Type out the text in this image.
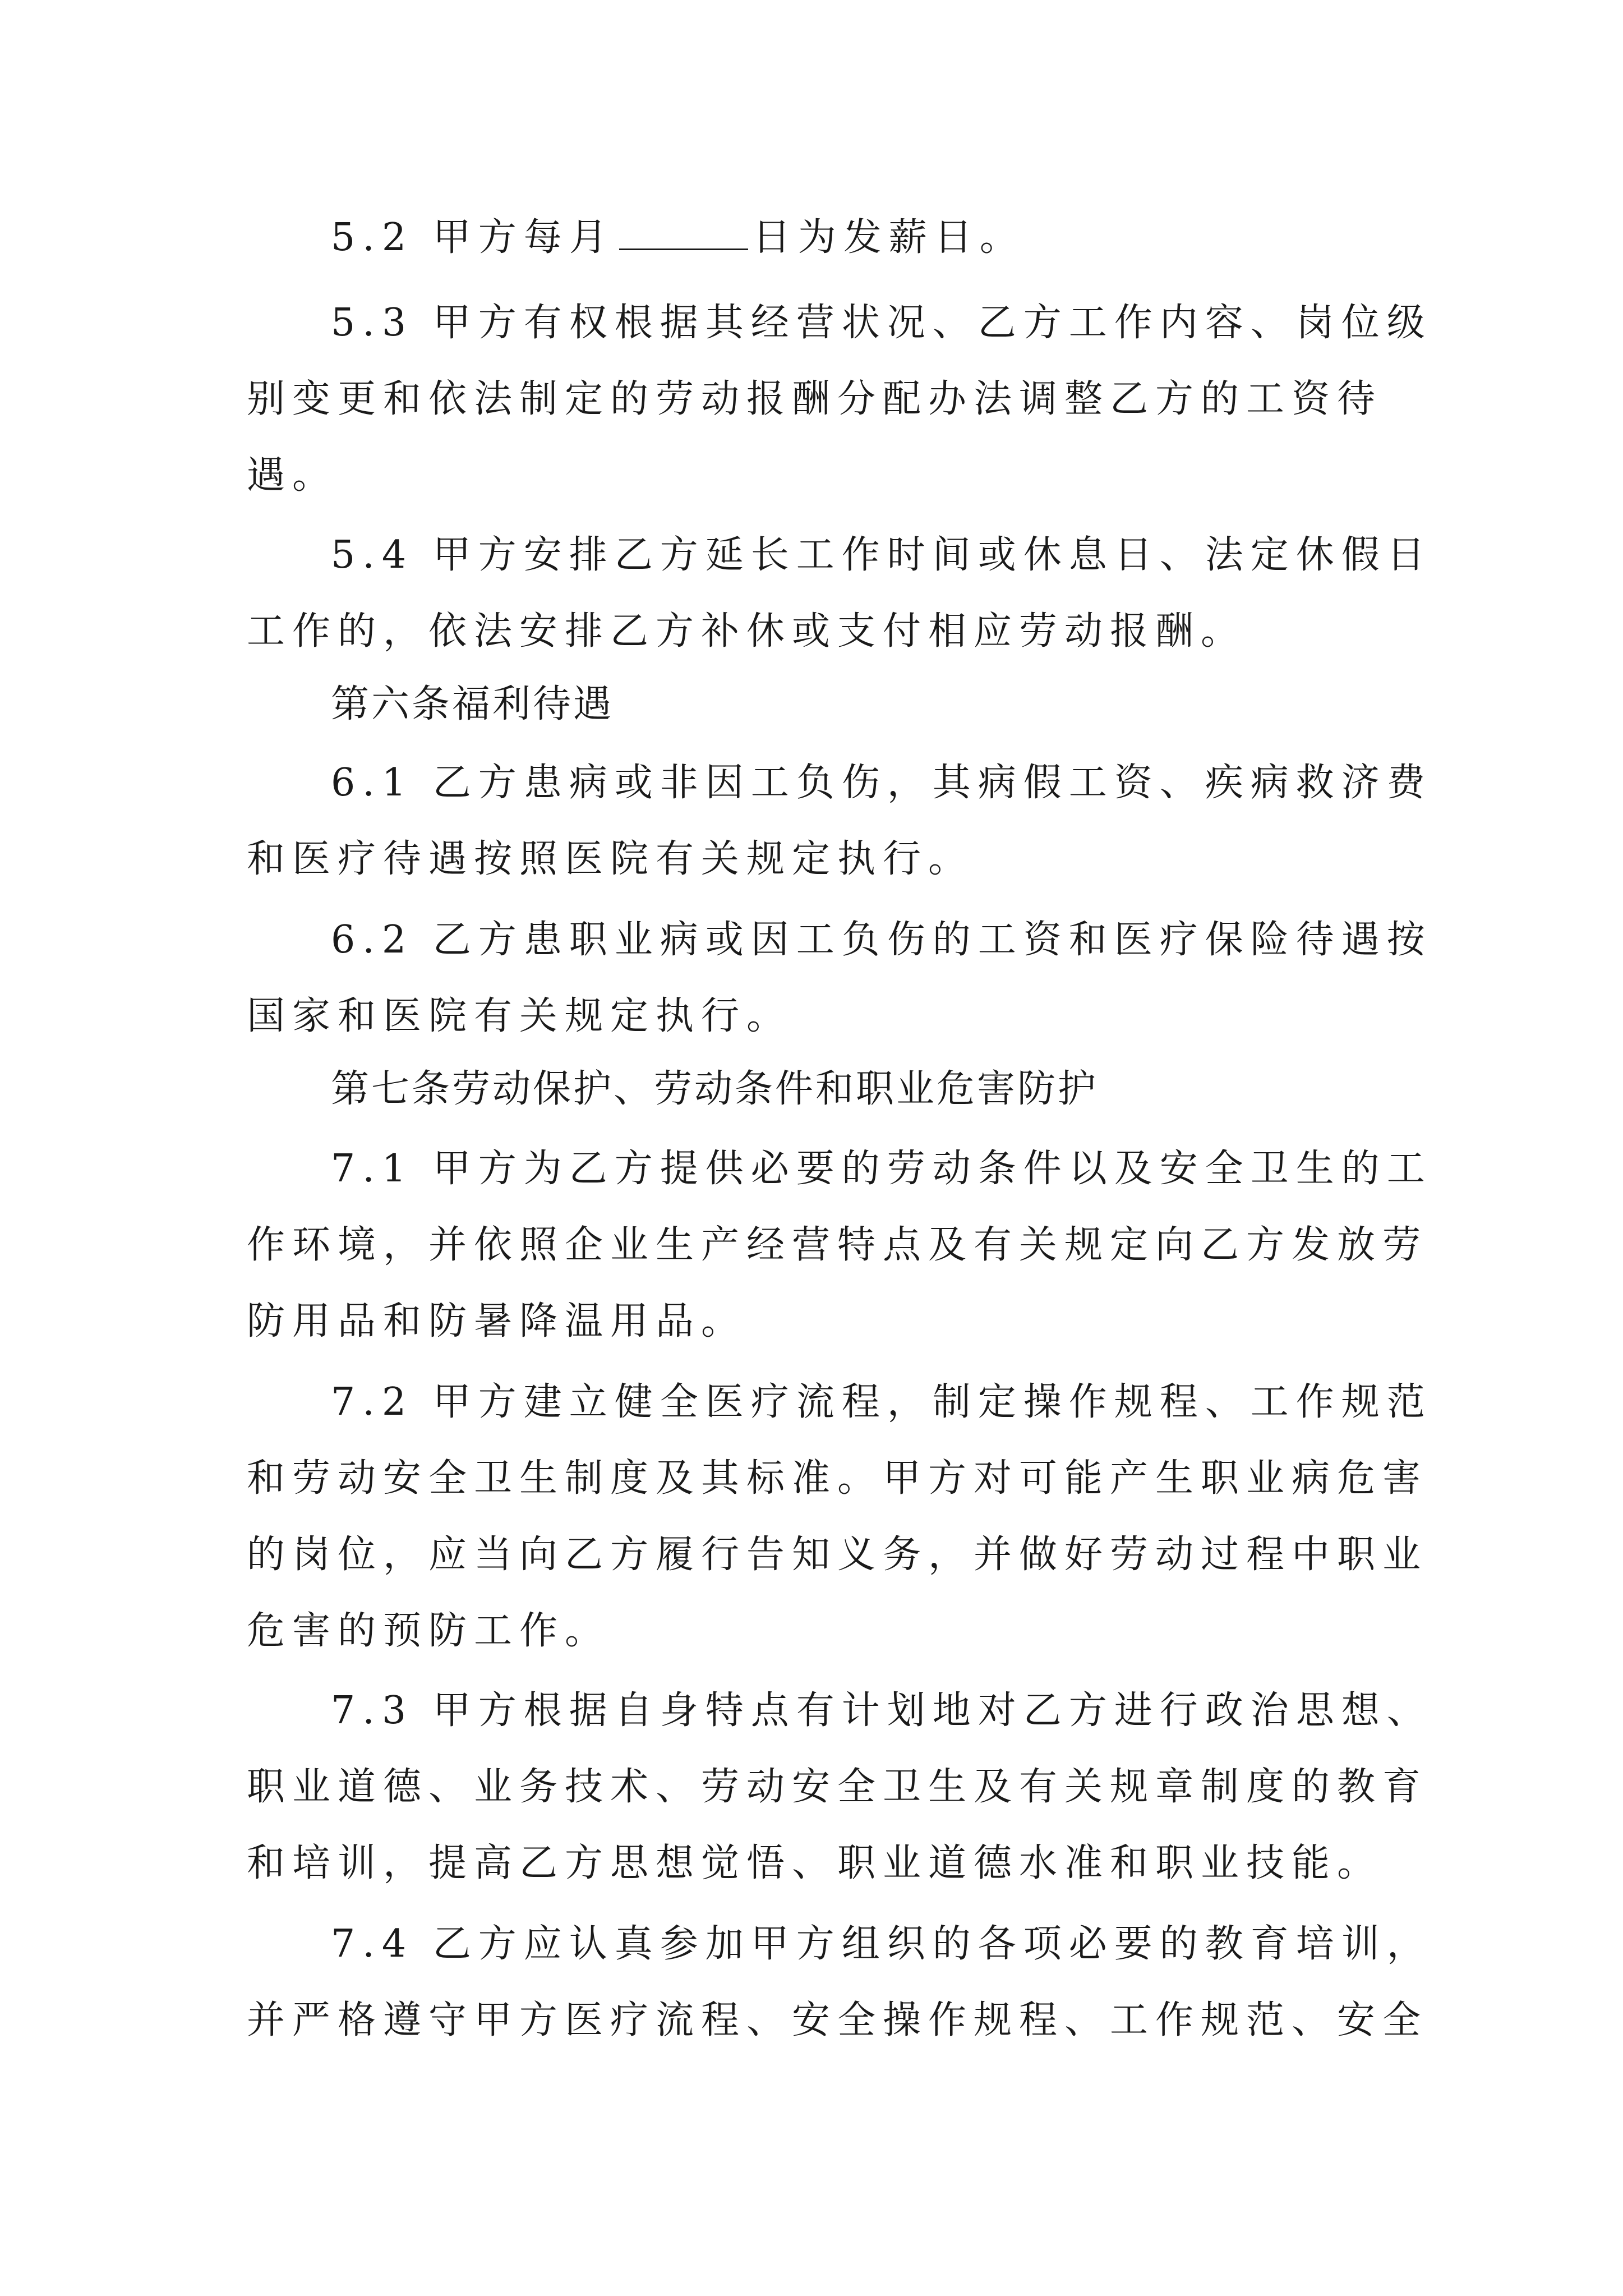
5.2 甲方每月	日为发薪日。
5.3 甲方有权根据其经营状况、乙方工作内容、岗位级
别变更和依法制定的劳动报酬分配办法调整乙方的工资待
遇。
5.4 甲方安排乙方延长工作时间或休息日、法定休假日
工作的，依法安排乙方补休或支付相应劳动报酬。
第六条福利待遇
6.1 乙方患病或非因工负伤，其病假工资、疾病救济费
和医疗待遇按照医院有关规定执行。
6.2 乙方患职业病或因工负伤的工资和医疗保险待遇按
国家和医院有关规定执行。
第七条劳动保护、劳动条件和职业危害防护
7.1 甲方为乙方提供必要的劳动条件以及安全卫生的工
作环境，并依照企业生产经营特点及有关规定向乙方发放劳
防用品和防暑降温用品。
7.2 甲方建立健全医疗流程，制定操作规程、工作规范
和劳动安全卫生制度及其标准。甲方对可能产生职业病危害
的岗位，应当向乙方履行告知义务，并做好劳动过程中职业
危害的预防工作。
7.3 甲方根据自身特点有计划地对乙方进行政治思想、
职业道德、业务技术、劳动安全卫生及有关规章制度的教育
和培训，提高乙方思想觉悟、职业道德水准和职业技能。
7.4 乙方应认真参加甲方组织的各项必要的教育培训，
并严格遵守甲方医疗流程、安全操作规程、工作规范、安全
